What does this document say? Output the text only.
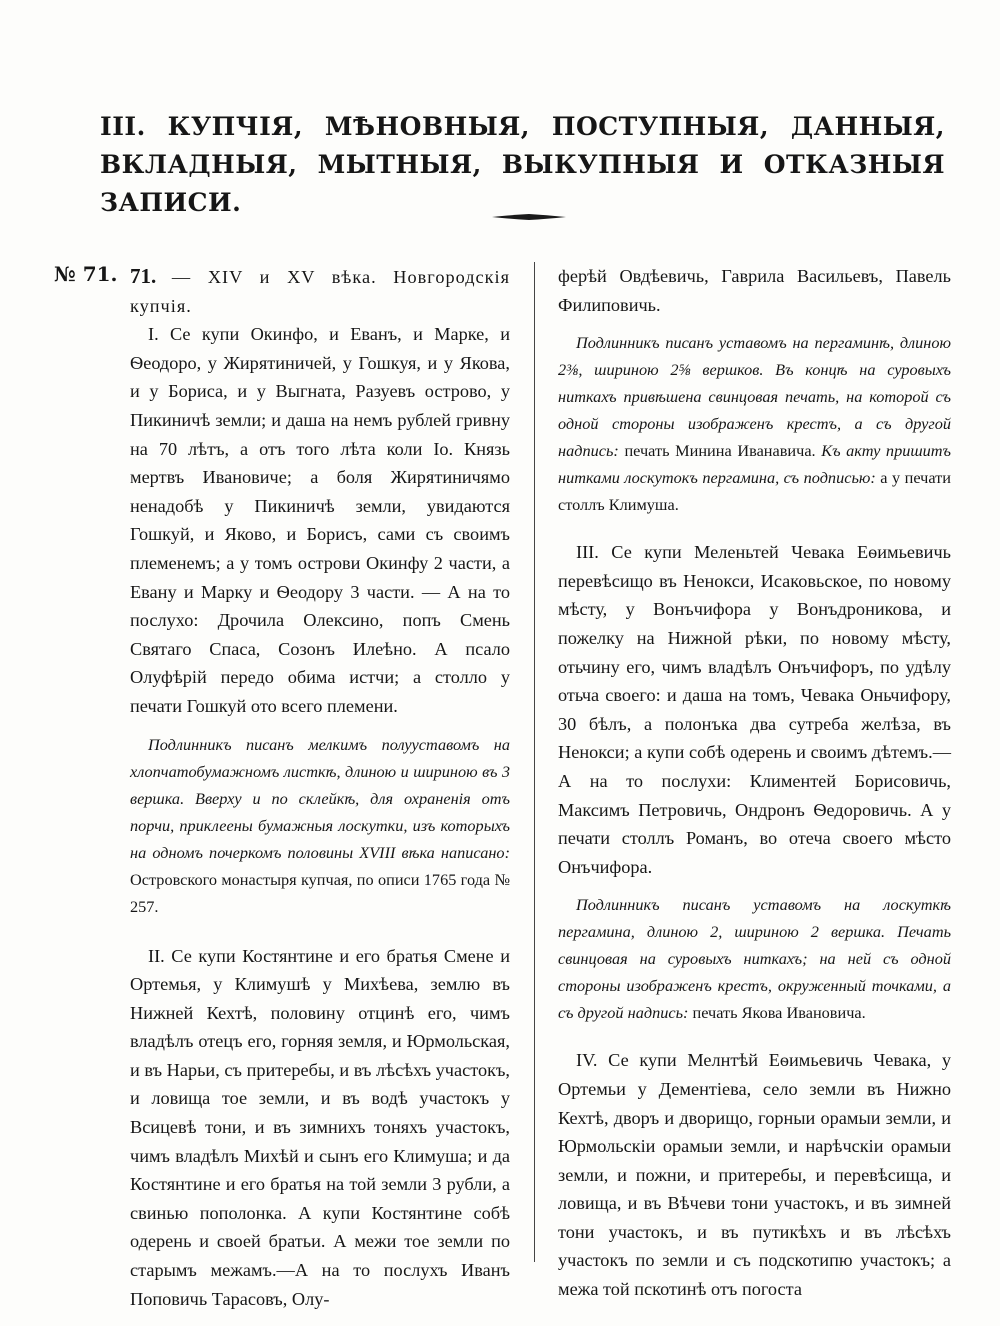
III. КУПЧІЯ, МѢНОВНЫЯ, ПОСТУПНЫЯ, ДАННЫЯ, ВКЛАДНЫЯ, МЫТНЫЯ, ВЫКУПНЫЯ И ОТКАЗНЫЯ ЗАПИСИ.
№ 71. 71. — XIV и XV вѣка. Новгородскія купчія.

I. Се купи Окинфо, и Еванъ, и Марке, и Ѳеодоро, у Жирятиничей, у Гошкуя, и у Якова, и у Бориса, и у Выгната, Разуевъ острово, у Пикиничѣ земли; и даша на немъ рублей гривну на 70 лѣтъ, а отъ того лѣта коли Io. Князь мертвъ Ивановиче; а боля Жирятиничямо ненадобѣ у Пикиничѣ земли, увидаются Гошкуй, и Яково, и Борисъ, сами съ своимъ племенемъ; а у томъ острови Окинфу 2 части, а Евану и Марку и Ѳеодору 3 части. — А на то послухо: Дрочила Олексино, попъ Смень Святаго Спаса, Созонъ Илеѣно. А псало Олуфѣрій передо обима истчи; а столло у печати Гошкуй ото всего племени.

Подлинникъ писанъ мелкимъ полууставомъ на хлопчатобумажномъ листкѣ, длиною и ширинoю въ 3 вершка. Вверху и по склейкѣ, для охраненія отъ порчи, приклеены бумажныя лоскутки, изъ которыхъ на одномъ почеркомъ половины XVIII вѣка написано: Островского монастыря купчая, по описи 1765 года № 257.

II. Се купи Костянтине и его братья Смене и Ортемья, у Климушѣ у Михѣева, землю въ Нижней Кехтѣ, половину отцинѣ его, чимъ владѣлъ отецъ его, горняя земля, и Юрмольская, и въ Нарьи, съ притеребы, и въ лѣсѣхъ участокъ, и ловища тое земли, и въ водѣ участокъ у Всицевѣ тони, и въ зимнихъ тоняхъ участокъ, чимъ владѣлъ Михѣй и сынъ его Климуша; и да Костянтине и его братья на той земли 3 рубли, а свинью пополонка. А купи Костянтине собѣ одерень и своей братьи. А межи тое земли по старымъ межамъ.—А на то послухъ Иванъ Поповичь Тарасовъ, Олу-

ферѣй Овдѣевичь, Гаврила Васильевъ, Павель Филиповичь.

Подлинникъ писанъ уставомъ на пергаминѣ, длиною 2⅜, шириною 2⅝ вершков. Въ концѣ на суровыхъ ниткахъ привѣшена свинцовая печать, на которой съ одной стороны изображенъ крестъ, а съ другой надпись: печать Минина Иванавича. Къ акту пришитъ нитками лоскутокъ пергамина, съ подписью: а у печати столлъ Климуша.

III. Се купи Меленьтей Чевака Еѳимьевичь перевѣсищо въ Ненокси, Исаковьское, по новому мѣсту, у Вонъчифора у Вонъдроникова, и пожелку на Нижной рѣки, по новому мѣсту, отьчину его, чимъ владѣлъ Онъчифоръ, по удѣлу отьча своего: и даша на томъ, Чевака Оньчифору, 30 бѣлъ, а полонъка два сутреба желѣза, въ Ненокси; а купи собѣ одерень и своимъ дѣтемъ.—А на то послухи: Климентей Борисовичь, Максимъ Петровичь, Ондронъ Ѳедоровичь. А у печати столлъ Романъ, во отеча своего мѣсто Онъчифора.

Подлинникъ писанъ уставомъ на лоскуткѣ пергамина, длиною 2, шириною 2 вершка. Печать свинцовая на суровыхъ ниткахъ; на ней съ одной стороны изображенъ крестъ, окруженный точками, а съ другой надпись: печать Якова Ивановича.

IV. Се купи Мелнтѣй Еѳимьевичь Чевака, у Ортемьи у Дементіева, село земли въ Нижно Кехтѣ, дворъ и дворищо, горныи орамыи земли, и Юрмольскіи орамыи земли, и нарѣчскіи орамыи земли, и пожни, и притеребы, и перевѣсища, и ловища, и въ Вѣчеви тони участокъ, и въ зимней тони участокъ, и въ путикѣхъ и въ лѣсѣхъ участокъ по земли и съ подскотипю участокъ; а межа той пскотинѣ отъ погоста
